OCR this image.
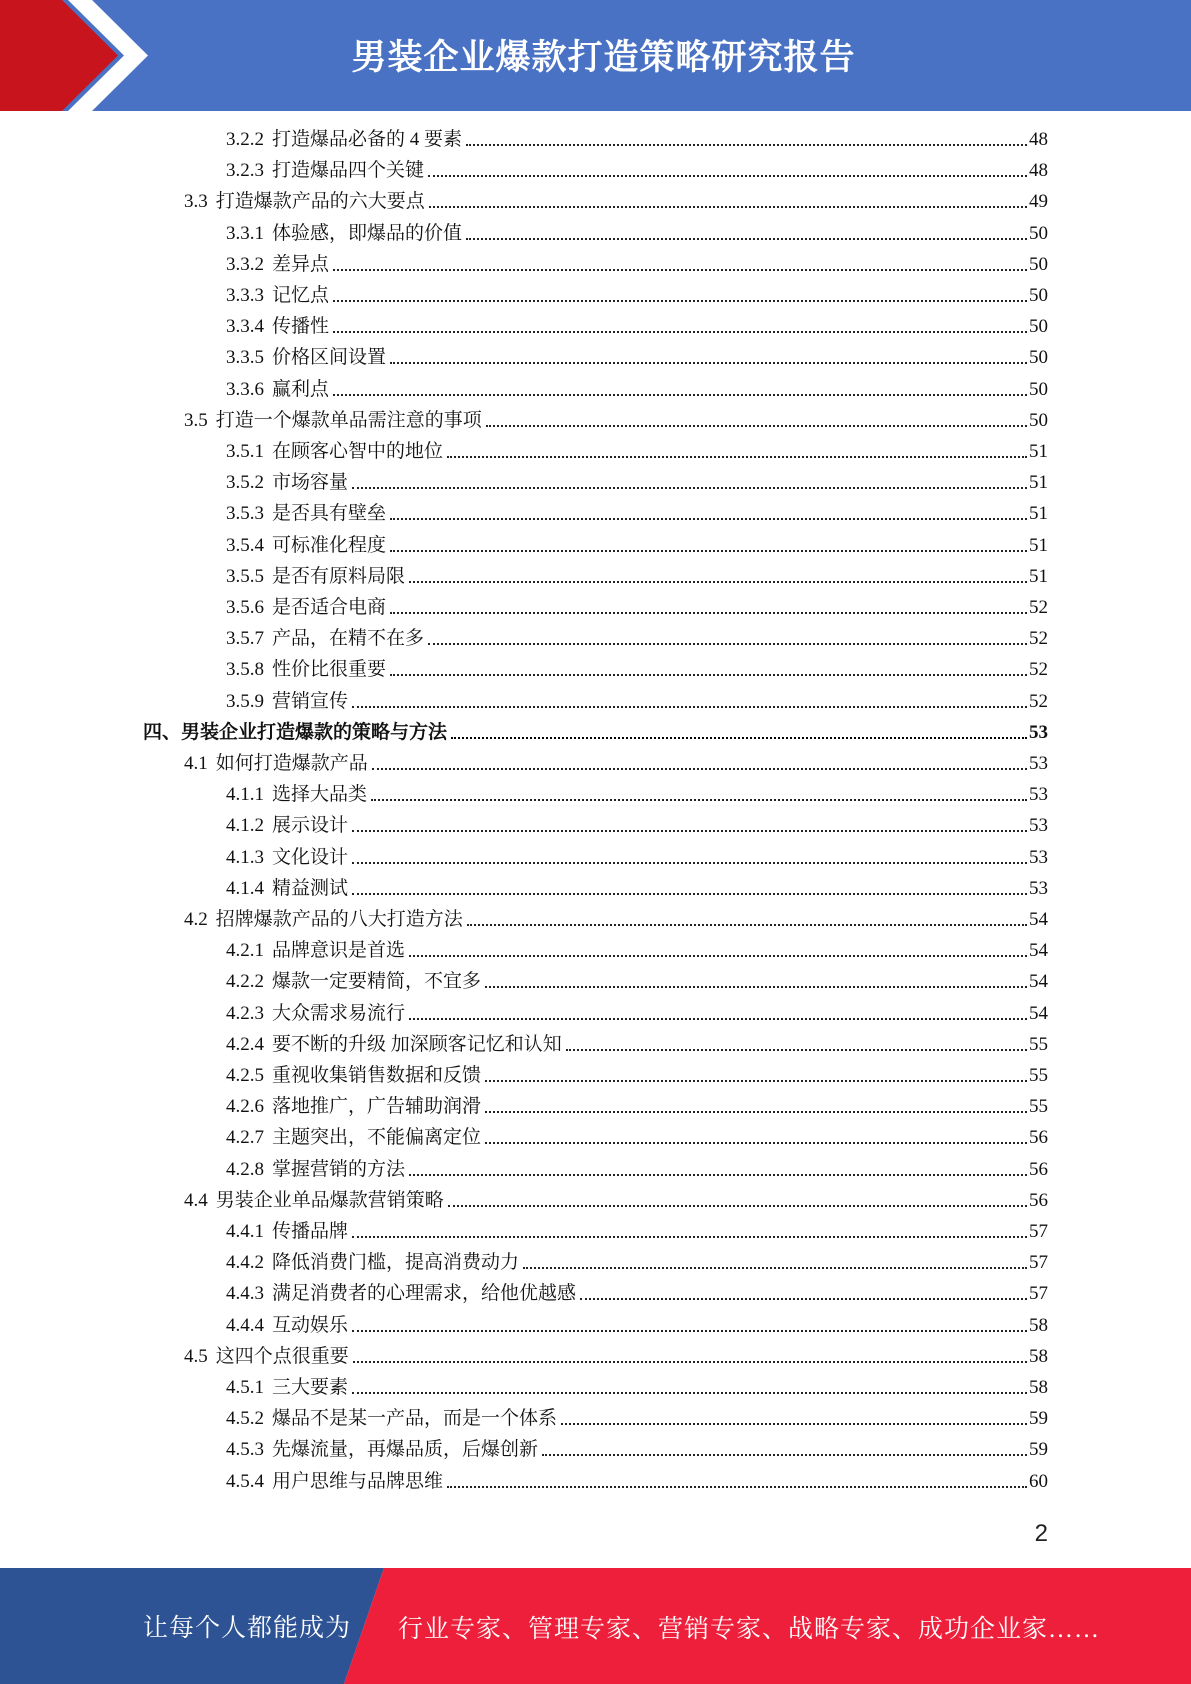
男装企业爆款打造策略研究报告
3.2.2 打造爆品必备的 4 要素	48
3.2.3 打造爆品四个关键	48
3.3 打造爆款产品的六大要点	49
3.3.1 体验感，即爆品的价值	50
3.3.2 差异点	50
3.3.3 记忆点	50
3.3.4 传播性	50
3.3.5 价格区间设置	50
3.3.6 赢利点	50
3.5 打造一个爆款单品需注意的事项	50
3.5.1 在顾客心智中的地位	51
3.5.2 市场容量	51
3.5.3 是否具有壁垒	51
3.5.4 可标准化程度	51
3.5.5 是否有原料局限	51
3.5.6 是否适合电商	52
3.5.7 产品，在精不在多	52
3.5.8 性价比很重要	52
3.5.9 营销宣传	52
四、男装企业打造爆款的策略与方法	53
4.1 如何打造爆款产品	53
4.1.1 选择大品类	53
4.1.2 展示设计	53
4.1.3 文化设计	53
4.1.4 精益测试	53
4.2 招牌爆款产品的八大打造方法	54
4.2.1 品牌意识是首选	54
4.2.2 爆款一定要精简，不宜多	54
4.2.3 大众需求易流行	54
4.2.4 要不断的升级 加深顾客记忆和认知	55
4.2.5 重视收集销售数据和反馈	55
4.2.6 落地推广，广告辅助润滑	55
4.2.7 主题突出，不能偏离定位	56
4.2.8 掌握营销的方法	56
4.4 男装企业单品爆款营销策略	56
4.4.1 传播品牌	57
4.4.2 降低消费门槛，提高消费动力	57
4.4.3 满足消费者的心理需求，给他优越感	57
4.4.4 互动娱乐	58
4.5 这四个点很重要	58
4.5.1 三大要素	58
4.5.2 爆品不是某一产品，而是一个体系	59
4.5.3 先爆流量，再爆品质，后爆创新	59
4.5.4 用户思维与品牌思维	60
2
让每个人都能成为 行业专家、管理专家、营销专家、战略专家、成功企业家……
